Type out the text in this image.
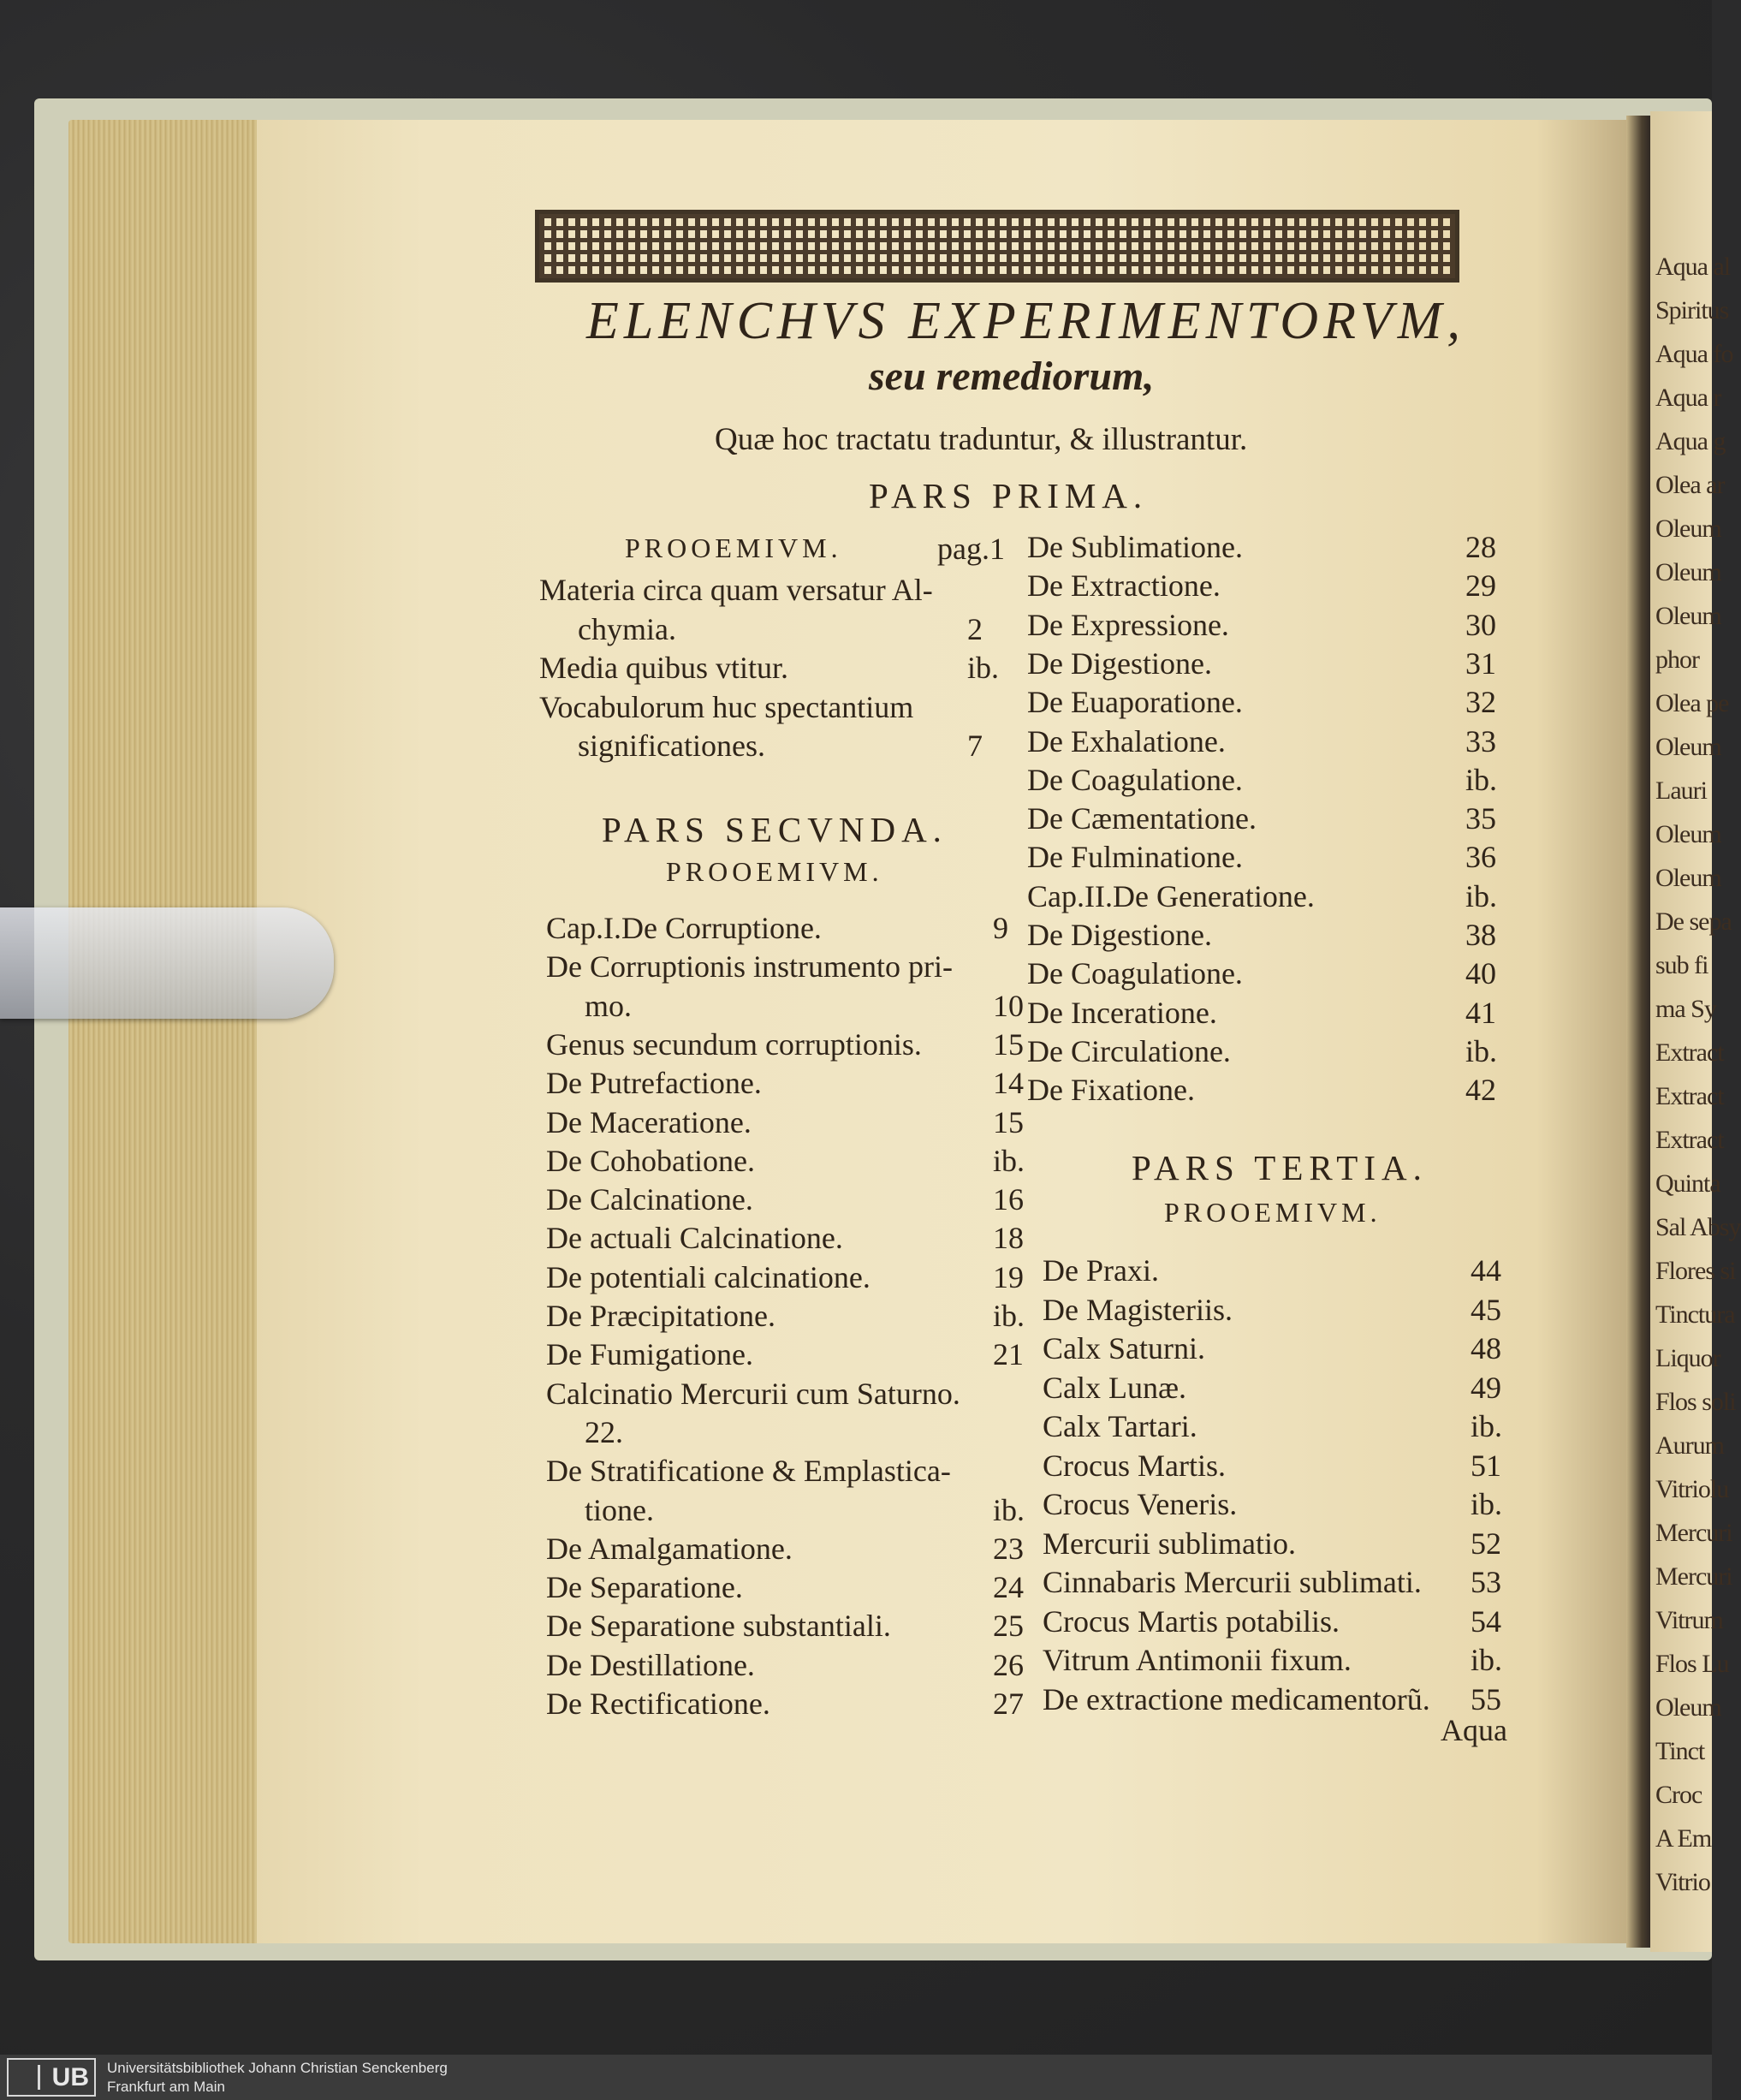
Aqua al
Spiritus
Aqua fo
Aqua r
Aqua g
Olea ar
Oleum
Oleum
Oleum
phor
Olea pe
Oleum
Lauri
Oleum
Oleum
De sepa
sub fi
ma Sy
Extract
Extract
Extract
Quinta
Sal Absy
Flores si
Tinctura
Liquor
Flos soli
Aurum
Vitriolu
Mercuri
Mercuri
Vitrum
Flos Lu
Oleum
Tinct
Croc
A Em
Vitrio
ELENCHVS EXPERIMENTORVM,
seu remediorum,
Quæ hoc tractatu traduntur, & illustrantur.
PARS PRIMA.
PROOEMIVM.	pag.1
Materia circa quam versatur Al-
chymia.	2
Media quibus vtitur.	ib.
Vocabulorum huc spectantium
significationes.	7
PARS SECVNDA.
PROOEMIVM.
Cap.I.De Corruptione.	9
De Corruptionis instrumento pri-
mo.	10
Genus secundum corruptionis. 15
De Putrefactione.	14
De Maceratione.	15
De Cohobatione.	ib.
De Calcinatione.	16
De actuali Calcinatione.	18
De potentiali calcinatione.	19
De Præcipitatione.	ib.
De Fumigatione.	21
Calcinatio Mercurii cum Saturno.
22.
De Stratificatione & Emplastica-
tione.	ib.
De Amalgamatione.	23
De Separatione.	24
De Separatione substantiali.	25
De Destillatione.	26
De Rectificatione.	27
De Sublimatione.	28
De Extractione.	29
De Expressione.	30
De Digestione.	31
De Euaporatione.	32
De Exhalatione.	33
De Coagulatione.	ib.
De Cæmentatione.	35
De Fulminatione.	36
Cap.II.De Generatione.	ib.
De Digestione.	38
De Coagulatione.	40
De Inceratione.	41
De Circulatione.	ib.
De Fixatione.	42
PARS TERTIA.
PROOEMIVM.
De Praxi.	44
De Magisteriis.	45
Calx Saturni.	48
Calx Lunæ.	49
Calx Tartari.	ib.
Crocus Martis.	51
Crocus Veneris.	ib.
Mercurii sublimatio.	52
Cinnabaris Mercurii sublimati. 53
Crocus Martis potabilis.	54
Vitrum Antimonii fixum.	ib.
De extractione medicamentorũ. 55
Aqua
UB	Universitätsbibliothek Johann Christian Senckenberg
Frankfurt am Main
